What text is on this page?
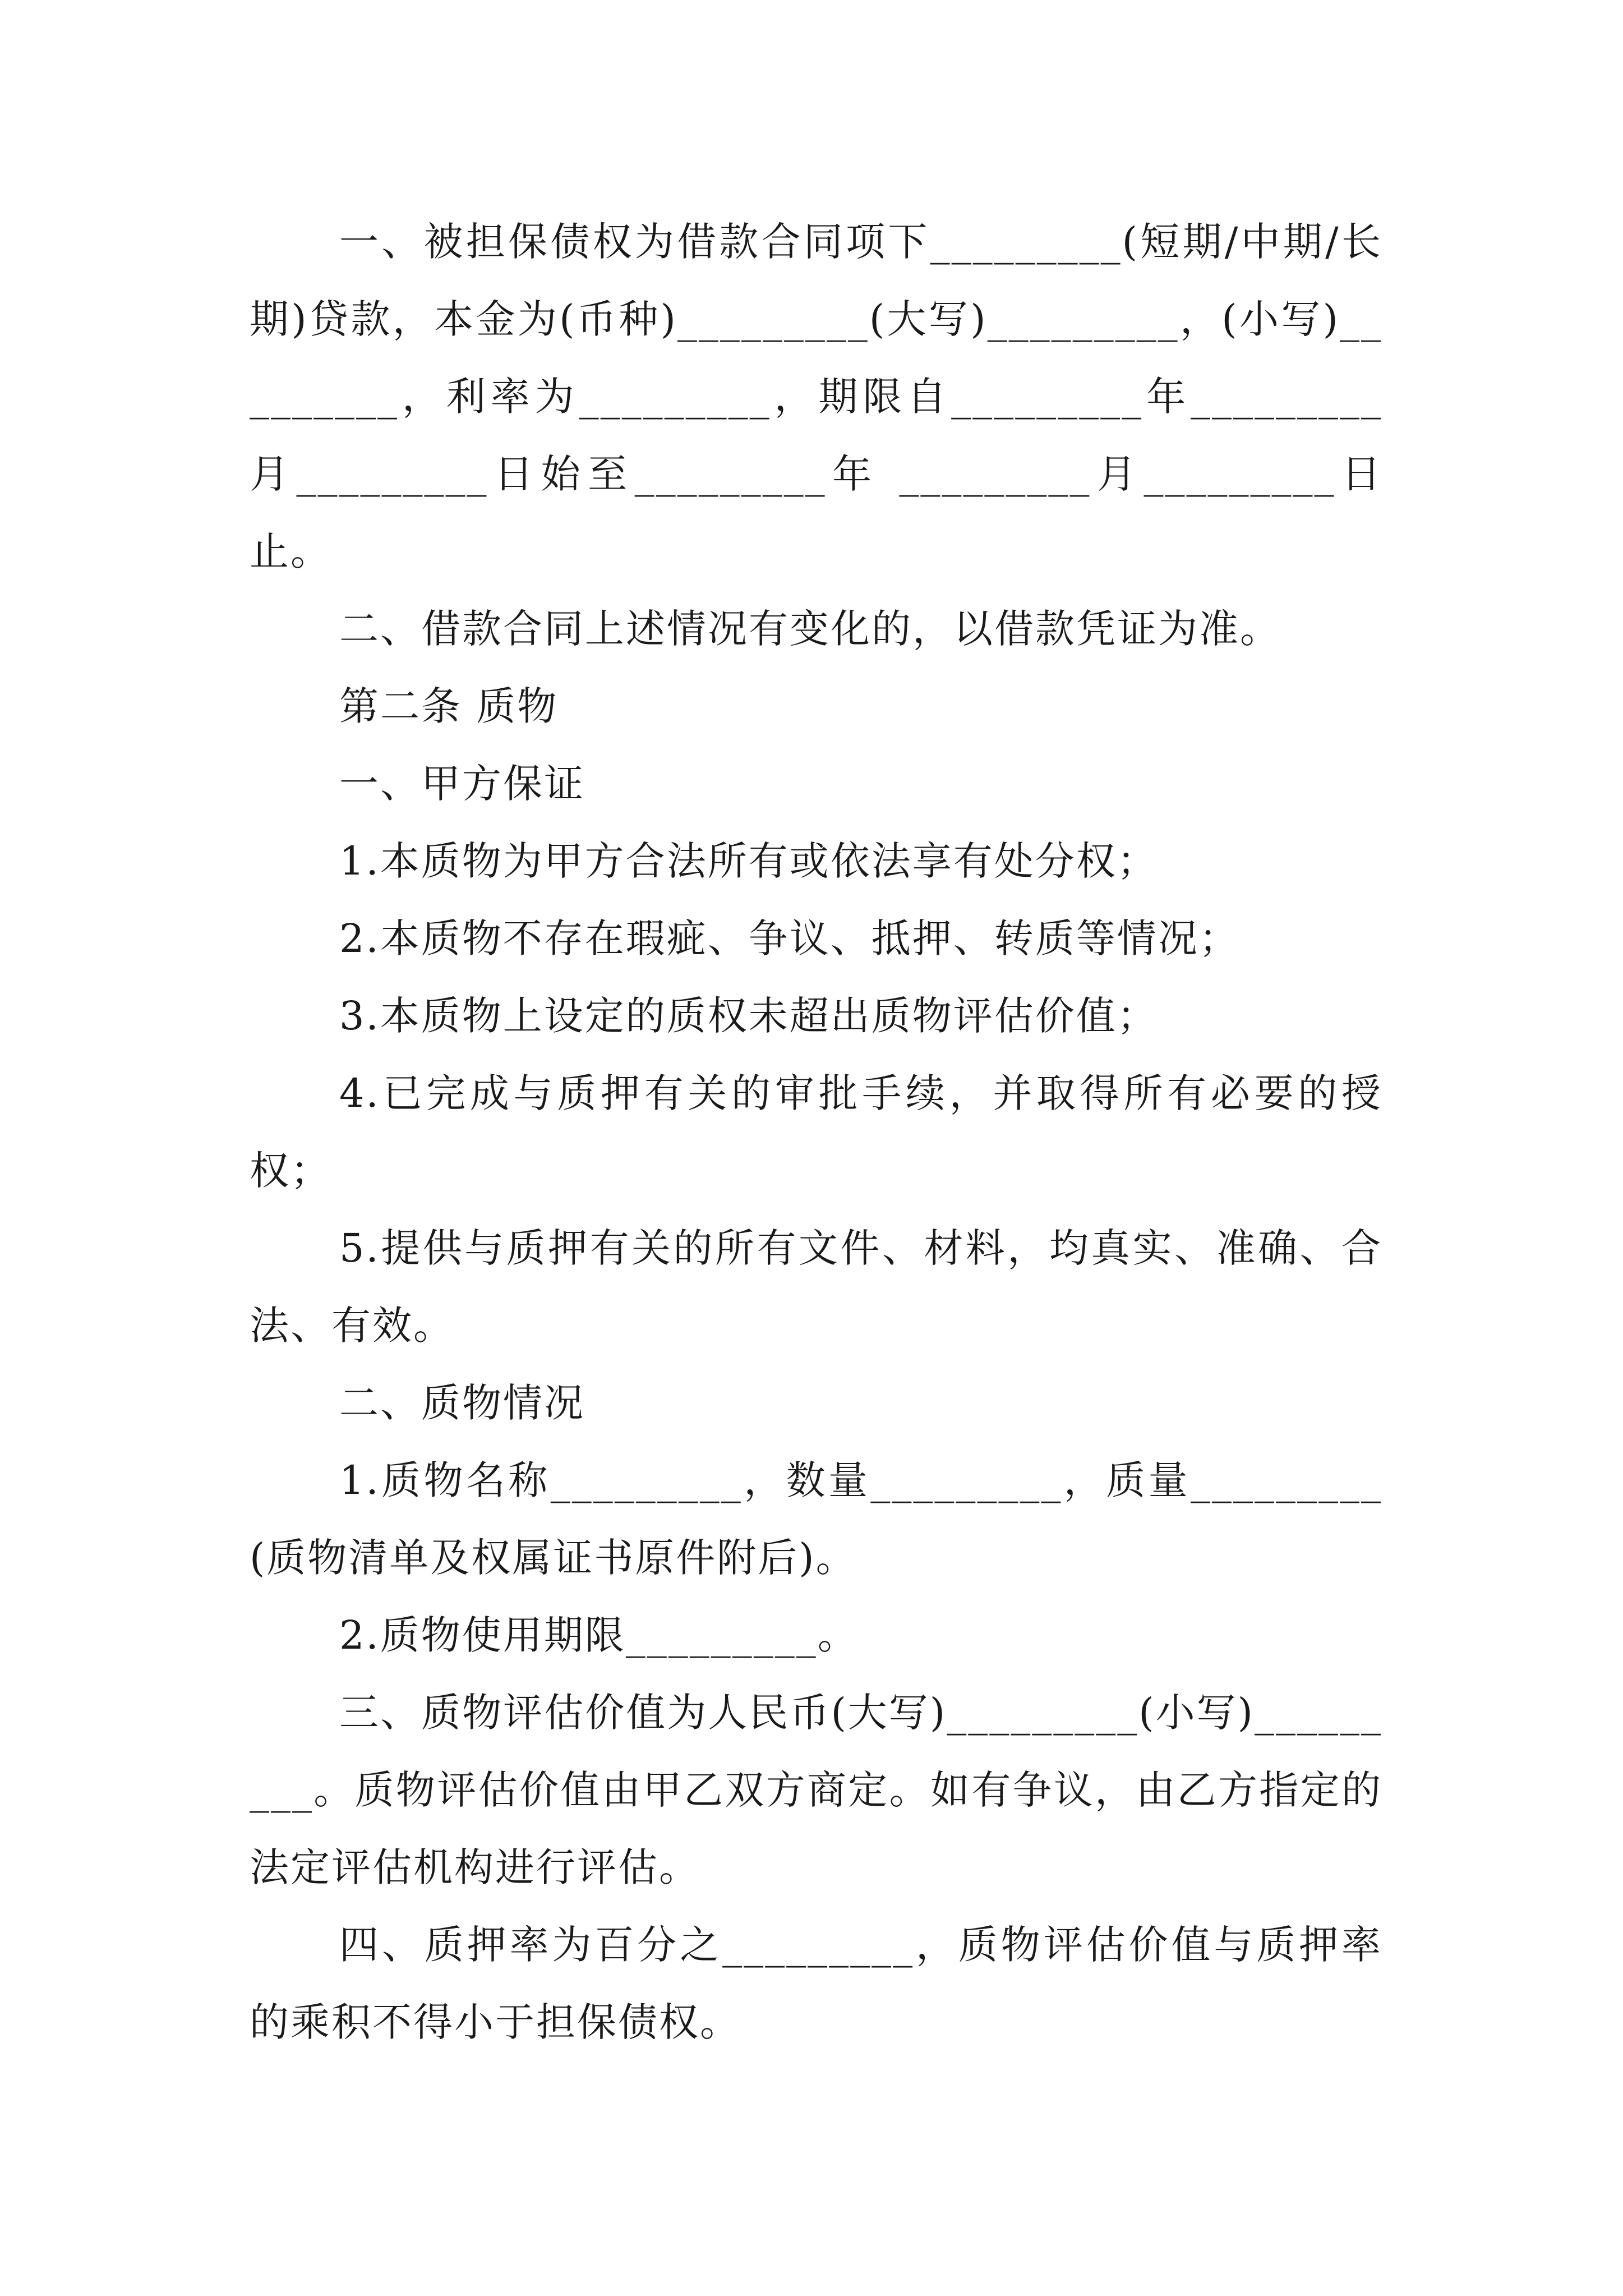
一、被担保债权为借款合同项下_________(短期/中期/长期)贷款，本金为(币种)_________(大写)_________，(小写)_________，利率为_________，期限自_________年_________月_________日始至_________年 _________月_________日止。

二、借款合同上述情况有变化的，以借款凭证为准。

第二条 质物

一、甲方保证

1.本质物为甲方合法所有或依法享有处分权；

2.本质物不存在瑕疵、争议、抵押、转质等情况；

3.本质物上设定的质权未超出质物评估价值；

4.已完成与质押有关的审批手续，并取得所有必要的授权；

5.提供与质押有关的所有文件、材料，均真实、准确、合法、有效。

二、质物情况

1.质物名称_________，数量_________，质量_________(质物清单及权属证书原件附后)。

2.质物使用期限_________。

三、质物评估价值为人民币(大写)_________(小写)_________。质物评估价值由甲乙双方商定。如有争议，由乙方指定的法定评估机构进行评估。

四、质押率为百分之_________，质物评估价值与质押率的乘积不得小于担保债权。
